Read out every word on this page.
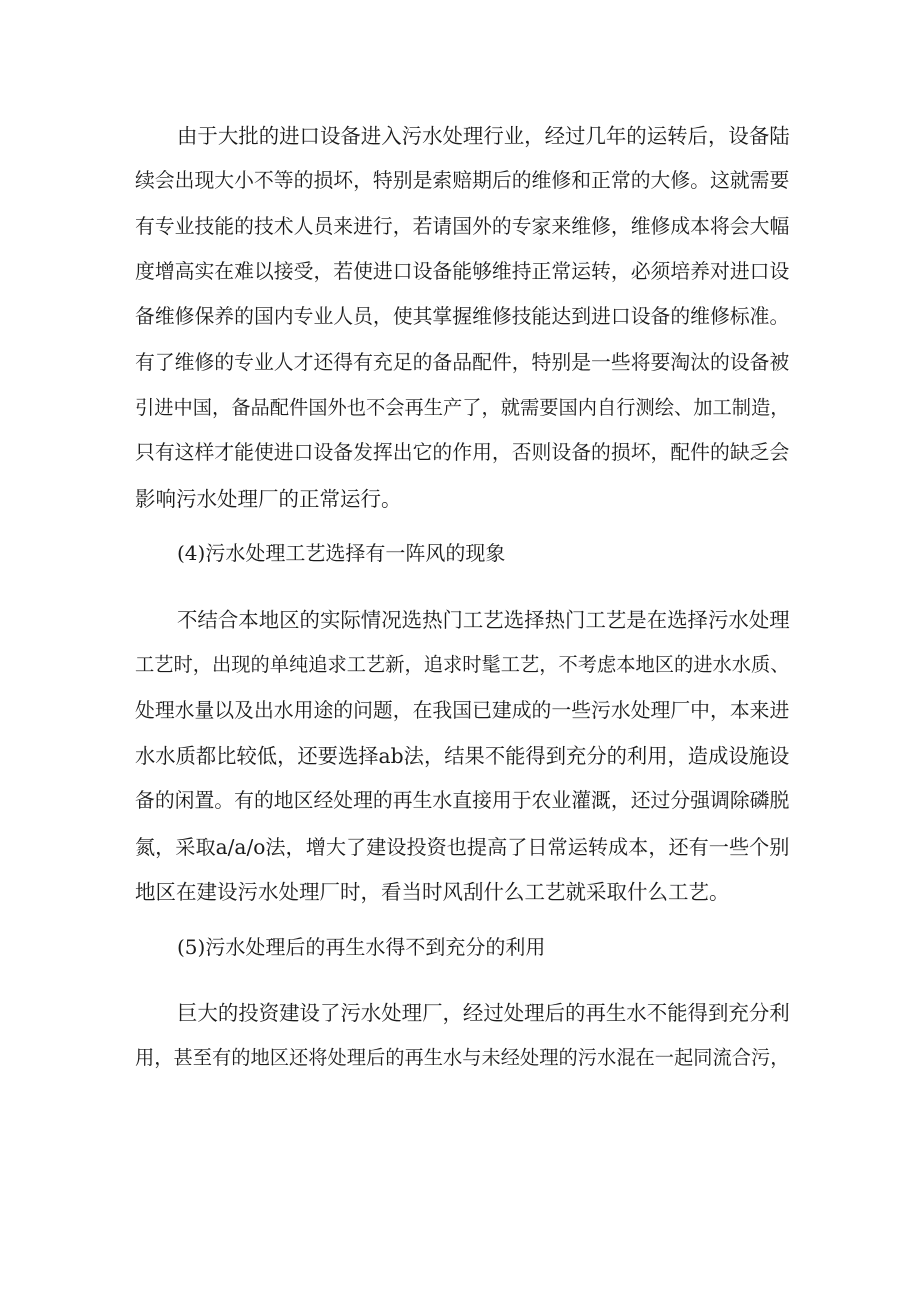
由于大批的进口设备进入污水处理行业，经过几年的运转后，设备陆
续会出现大小不等的损坏，特别是索赔期后的维修和正常的大修。这就需要
有专业技能的技术人员来进行，若请国外的专家来维修，维修成本将会大幅
度增高实在难以接受，若使进口设备能够维持正常运转，必须培养对进口设
备维修保养的国内专业人员，使其掌握维修技能达到进口设备的维修标准。
有了维修的专业人才还得有充足的备品配件，特别是一些将要淘汰的设备被
引进中国，备品配件国外也不会再生产了，就需要国内自行测绘、加工制造，
只有这样才能使进口设备发挥出它的作用，否则设备的损坏，配件的缺乏会
影响污水处理厂的正常运行。
(4)污水处理工艺选择有一阵风的现象
不结合本地区的实际情况选热门工艺选择热门工艺是在选择污水处理
工艺时，出现的单纯追求工艺新，追求时髦工艺，不考虑本地区的进水水质、
处理水量以及出水用途的问题，在我国已建成的一些污水处理厂中，本来进
水水质都比较低，还要选择ab法，结果不能得到充分的利用，造成设施设
备的闲置。有的地区经处理的再生水直接用于农业灌溉，还过分强调除磷脱
氮，采取a/a/o法，增大了建设投资也提高了日常运转成本，还有一些个别
地区在建设污水处理厂时，看当时风刮什么工艺就采取什么工艺。
(5)污水处理后的再生水得不到充分的利用
巨大的投资建设了污水处理厂，经过处理后的再生水不能得到充分利
用，甚至有的地区还将处理后的再生水与未经处理的污水混在一起同流合污，
